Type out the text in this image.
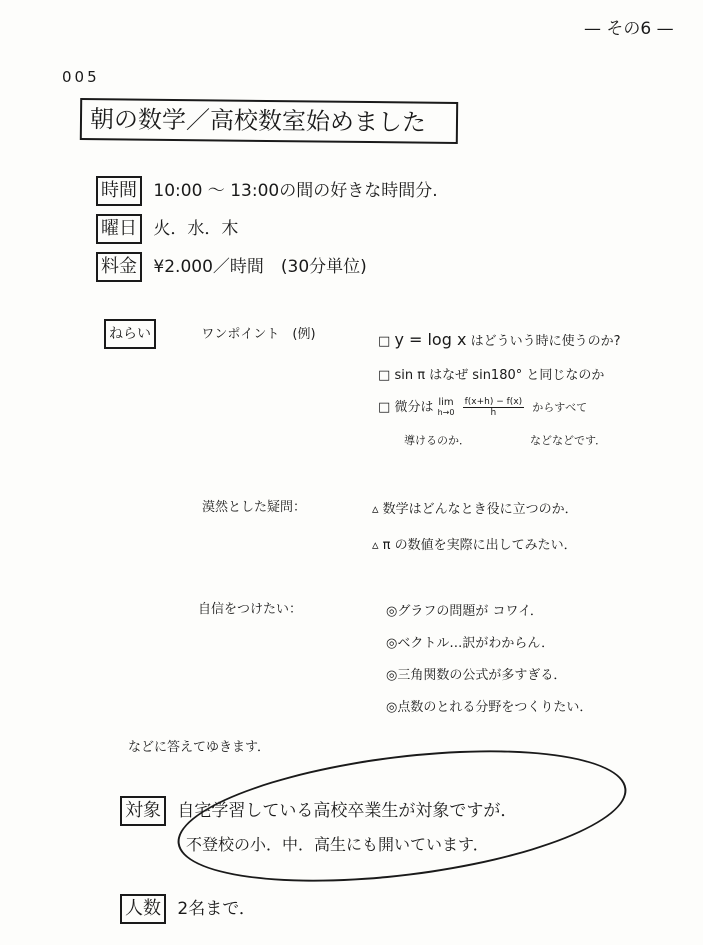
— その6 —
005
朝の数学／高校数室始めました
時間 10:00 ～ 13:00の間の好きな時間分.
曜日 火．水．木
料金 ¥2.000／時間　(30分単位)
ねらい	ワンポイント　(例)	□ y = log x はどういう時に使うのか?
□ sin π はなぜ sin180° と同じなのか
□ 微分は lim
h→0
$\frac{f(x+h) - f(x)}{h}$ からすべて
導けるのか．	などなどです．
漠然とした疑問：	▵ 数学はどんなとき役に立つのか．
▵ π の数値を実際に出してみたい．
自信をつけたい：	◎グラフの問題が コワイ．
◎ベクトル…訳がわからん．
◎三角関数の公式が多すぎる．
◎点数のとれる分野をつくりたい．
などに答えてゆきます．
対象 自宅学習している高校卒業生が対象ですが．
不登校の小．中．高生にも開いています．
人数 2名まで．
